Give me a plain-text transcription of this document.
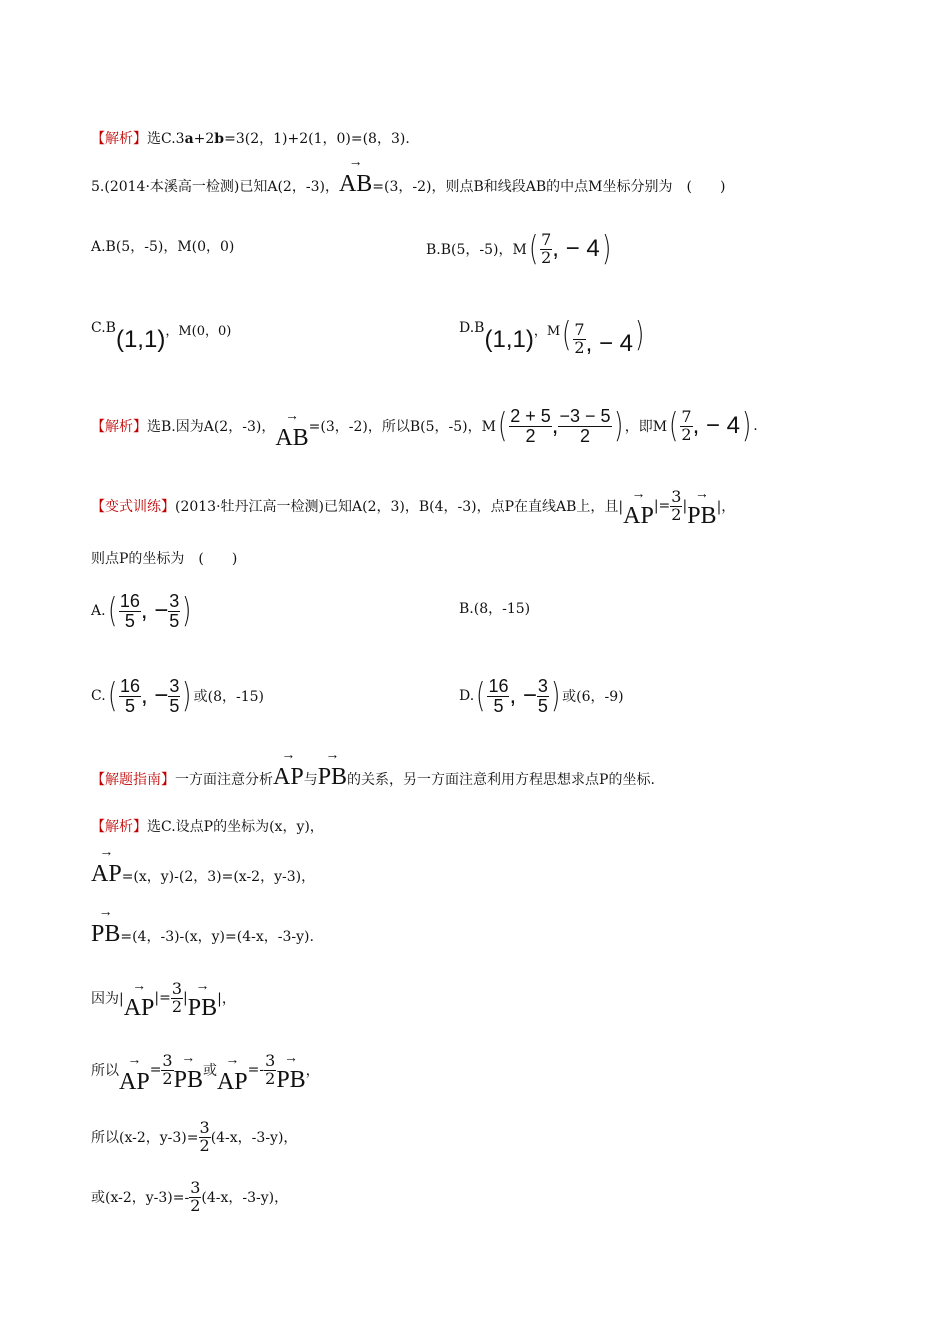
【解析】选C.3a+2b=3(2，1)+2(1，0)=(8，3).
5.(2014·本溪高一检测)已知A(2，-3)，→ AB=(3，-2)，则点B和线段AB的中点M坐标分别为　(　　)
A.B(5，-5)，M(0，0)	B.B(5，-5)，M ( $\frac{7}{2}$ , − 4 )
C.B (1,1) ，M(0，0)	D.B (1,1) ，M ( $\frac{7}{2}$ , − 4 )
【解析】 选B.因为A(2，-3)， → AB =(3，-2)，所以B(5，-5)，M ( $\frac{2 + 5}{2}$ , $\frac{-3 - 5}{2}$ ) ，即M ( $\frac{7}{2}$ , − 4 ) .
【变式训练】 (2013·牡丹江高一检测)已知A(2，3)，B(4，-3)，点P在直线AB上，且| → AP |= $\frac{3}{2}$ | → PB |，
则点P的坐标为　(　　)
A. ( $\frac{16}{5}$ , − $\frac{3}{5}$ )	B.(8，-15)
C. ( $\frac{16}{5}$ , − $\frac{3}{5}$ ) 或(8，-15)	D. ( $\frac{16}{5}$ , − $\frac{3}{5}$ ) 或(6，-9)
【解题指南】一方面注意分析→ AP与→ PB的关系，另一方面注意利用方程思想求点P的坐标.
【解析】选C.设点P的坐标为(x，y)，
→ AP=(x，y)-(2，3)=(x-2，y-3)，
→ PB=(4，-3)-(x，y)=(4-x，-3-y).
因为| → AP |= $\frac{3}{2}$ | → PB |，
所以 → AP = $\frac{3}{2}$ → PB 或 → AP =- $\frac{3}{2}$ → PB ，
所以(x-2，$y-3)= \frac{3}{2} (4-x$，-3-y)，
或(x-2，$y-3)=- \frac{3}{2} (4-x$，-3-y)，
